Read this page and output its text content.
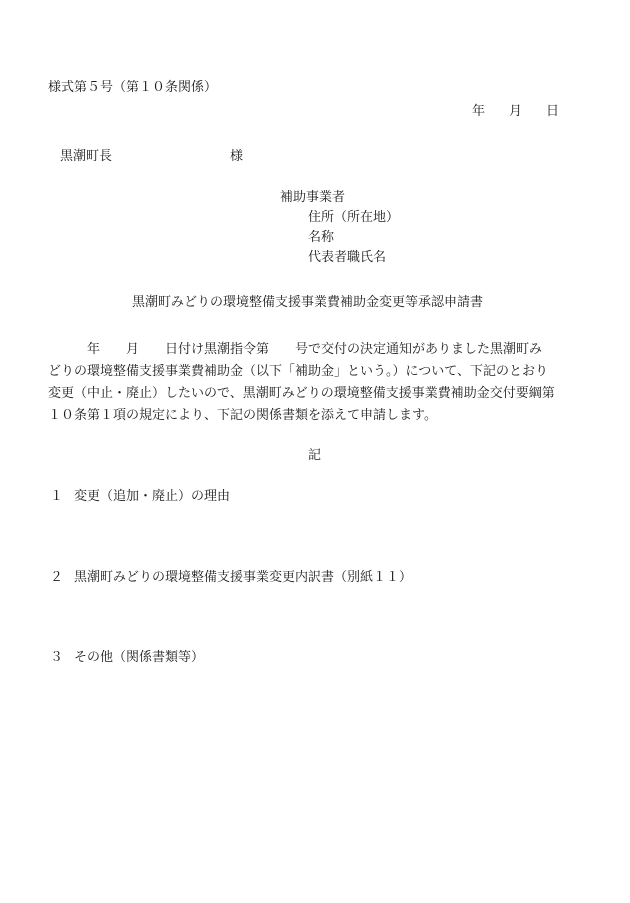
様式第５号（第１０条関係）
年 月 日
黒潮町長	様
補助事業者
住所（所在地）
名称
代表者職氏名
黒潮町みどりの環境整備支援事業費補助金変更等承認申請書
　　　年　　月　　日付け黒潮指令第　　号で交付の決定通知がありました黒潮町み
どりの環境整備支援事業費補助金（以下「補助金」という。）について、下記のとおり
変更（中止・廃止）したいので、黒潮町みどりの環境整備支援事業費補助金交付要綱第
１０条第１項の規定により、下記の関係書類を添えて申請します。
記
１ 変更（追加・廃止）の理由
２ 黒潮町みどりの環境整備支援事業変更内訳書（別紙１１）
３ その他（関係書類等）
